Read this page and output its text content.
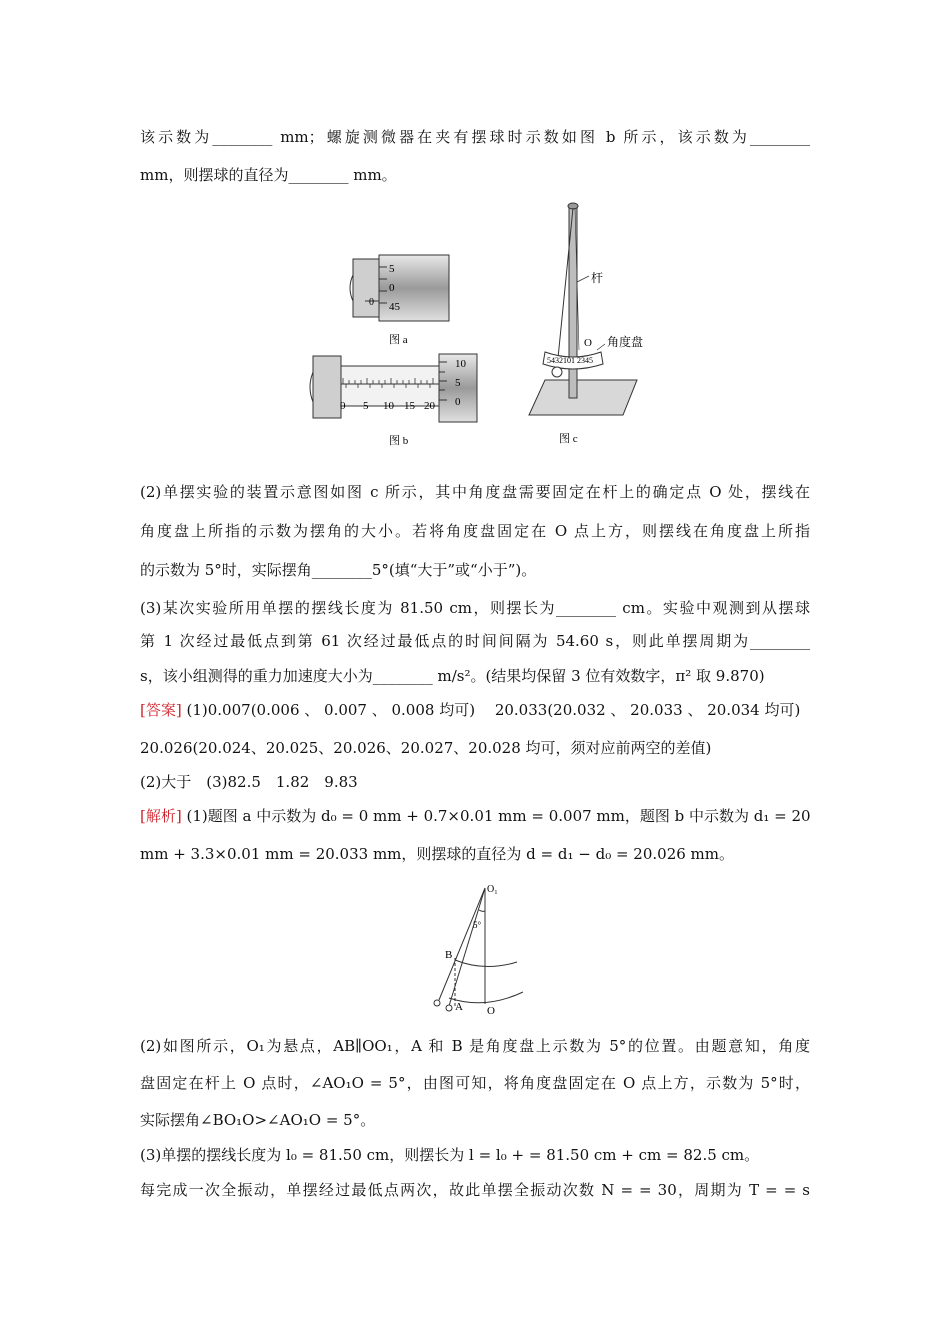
该示数为________ mm；螺旋测微器在夹有摆球时示数如图 b 所示，该示数为________
mm，则摆球的直径为________ mm。
5
0
45
0
图 a
0 5 10 15 20
10
5
0
图 b
杆
5432101 2345
O 角度盘
图 c
(2)单摆实验的装置示意图如图 c 所示，其中角度盘需要固定在杆上的确定点 O 处，摆线在
角度盘上所指的示数为摆角的大小。若将角度盘固定在 O 点上方，则摆线在角度盘上所指
的示数为 5°时，实际摆角________5°(填“大于”或“小于”)。
(3)某次实验所用单摆的摆线长度为 81.50 cm，则摆长为________ cm。实验中观测到从摆球
第 1 次经过最低点到第 61 次经过最低点的时间间隔为 54.60 s，则此单摆周期为________
s，该小组测得的重力加速度大小为________ m/s²。(结果均保留 3 位有效数字，π² 取 9.870)
[答案] (1)0.007(0.006 、 0.007 、 0.008 均可)　 20.033(20.032 、 20.033 、 20.034 均可)
20.026(20.024、20.025、20.026、20.027、20.028 均可，须对应前两空的差值)
(2)大于　(3)82.5　1.82　9.83
[解析] (1)题图 a 中示数为 d₀ = 0 mm + 0.7×0.01 mm = 0.007 mm，题图 b 中示数为 d₁ = 20
mm + 3.3×0.01 mm = 20.033 mm，则摆球的直径为 d = d₁ − d₀ = 20.026 mm。
O₁
5°
B
A O
(2)如图所示，O₁为悬点，AB∥OO₁，A 和 B 是角度盘上示数为 5°的位置。由题意知，角度
盘固定在杆上 O 点时，∠AO₁O = 5°，由图可知，将角度盘固定在 O 点上方，示数为 5°时，
实际摆角∠BO₁O>∠AO₁O = 5°。
(3)单摆的摆线长度为 l₀ = 81.50 cm，则摆长为 l = l₀ + = 81.50 cm + cm = 82.5 cm。
每完成一次全振动，单摆经过最低点两次，故此单摆全振动次数 N = = 30，周期为 T = = s
